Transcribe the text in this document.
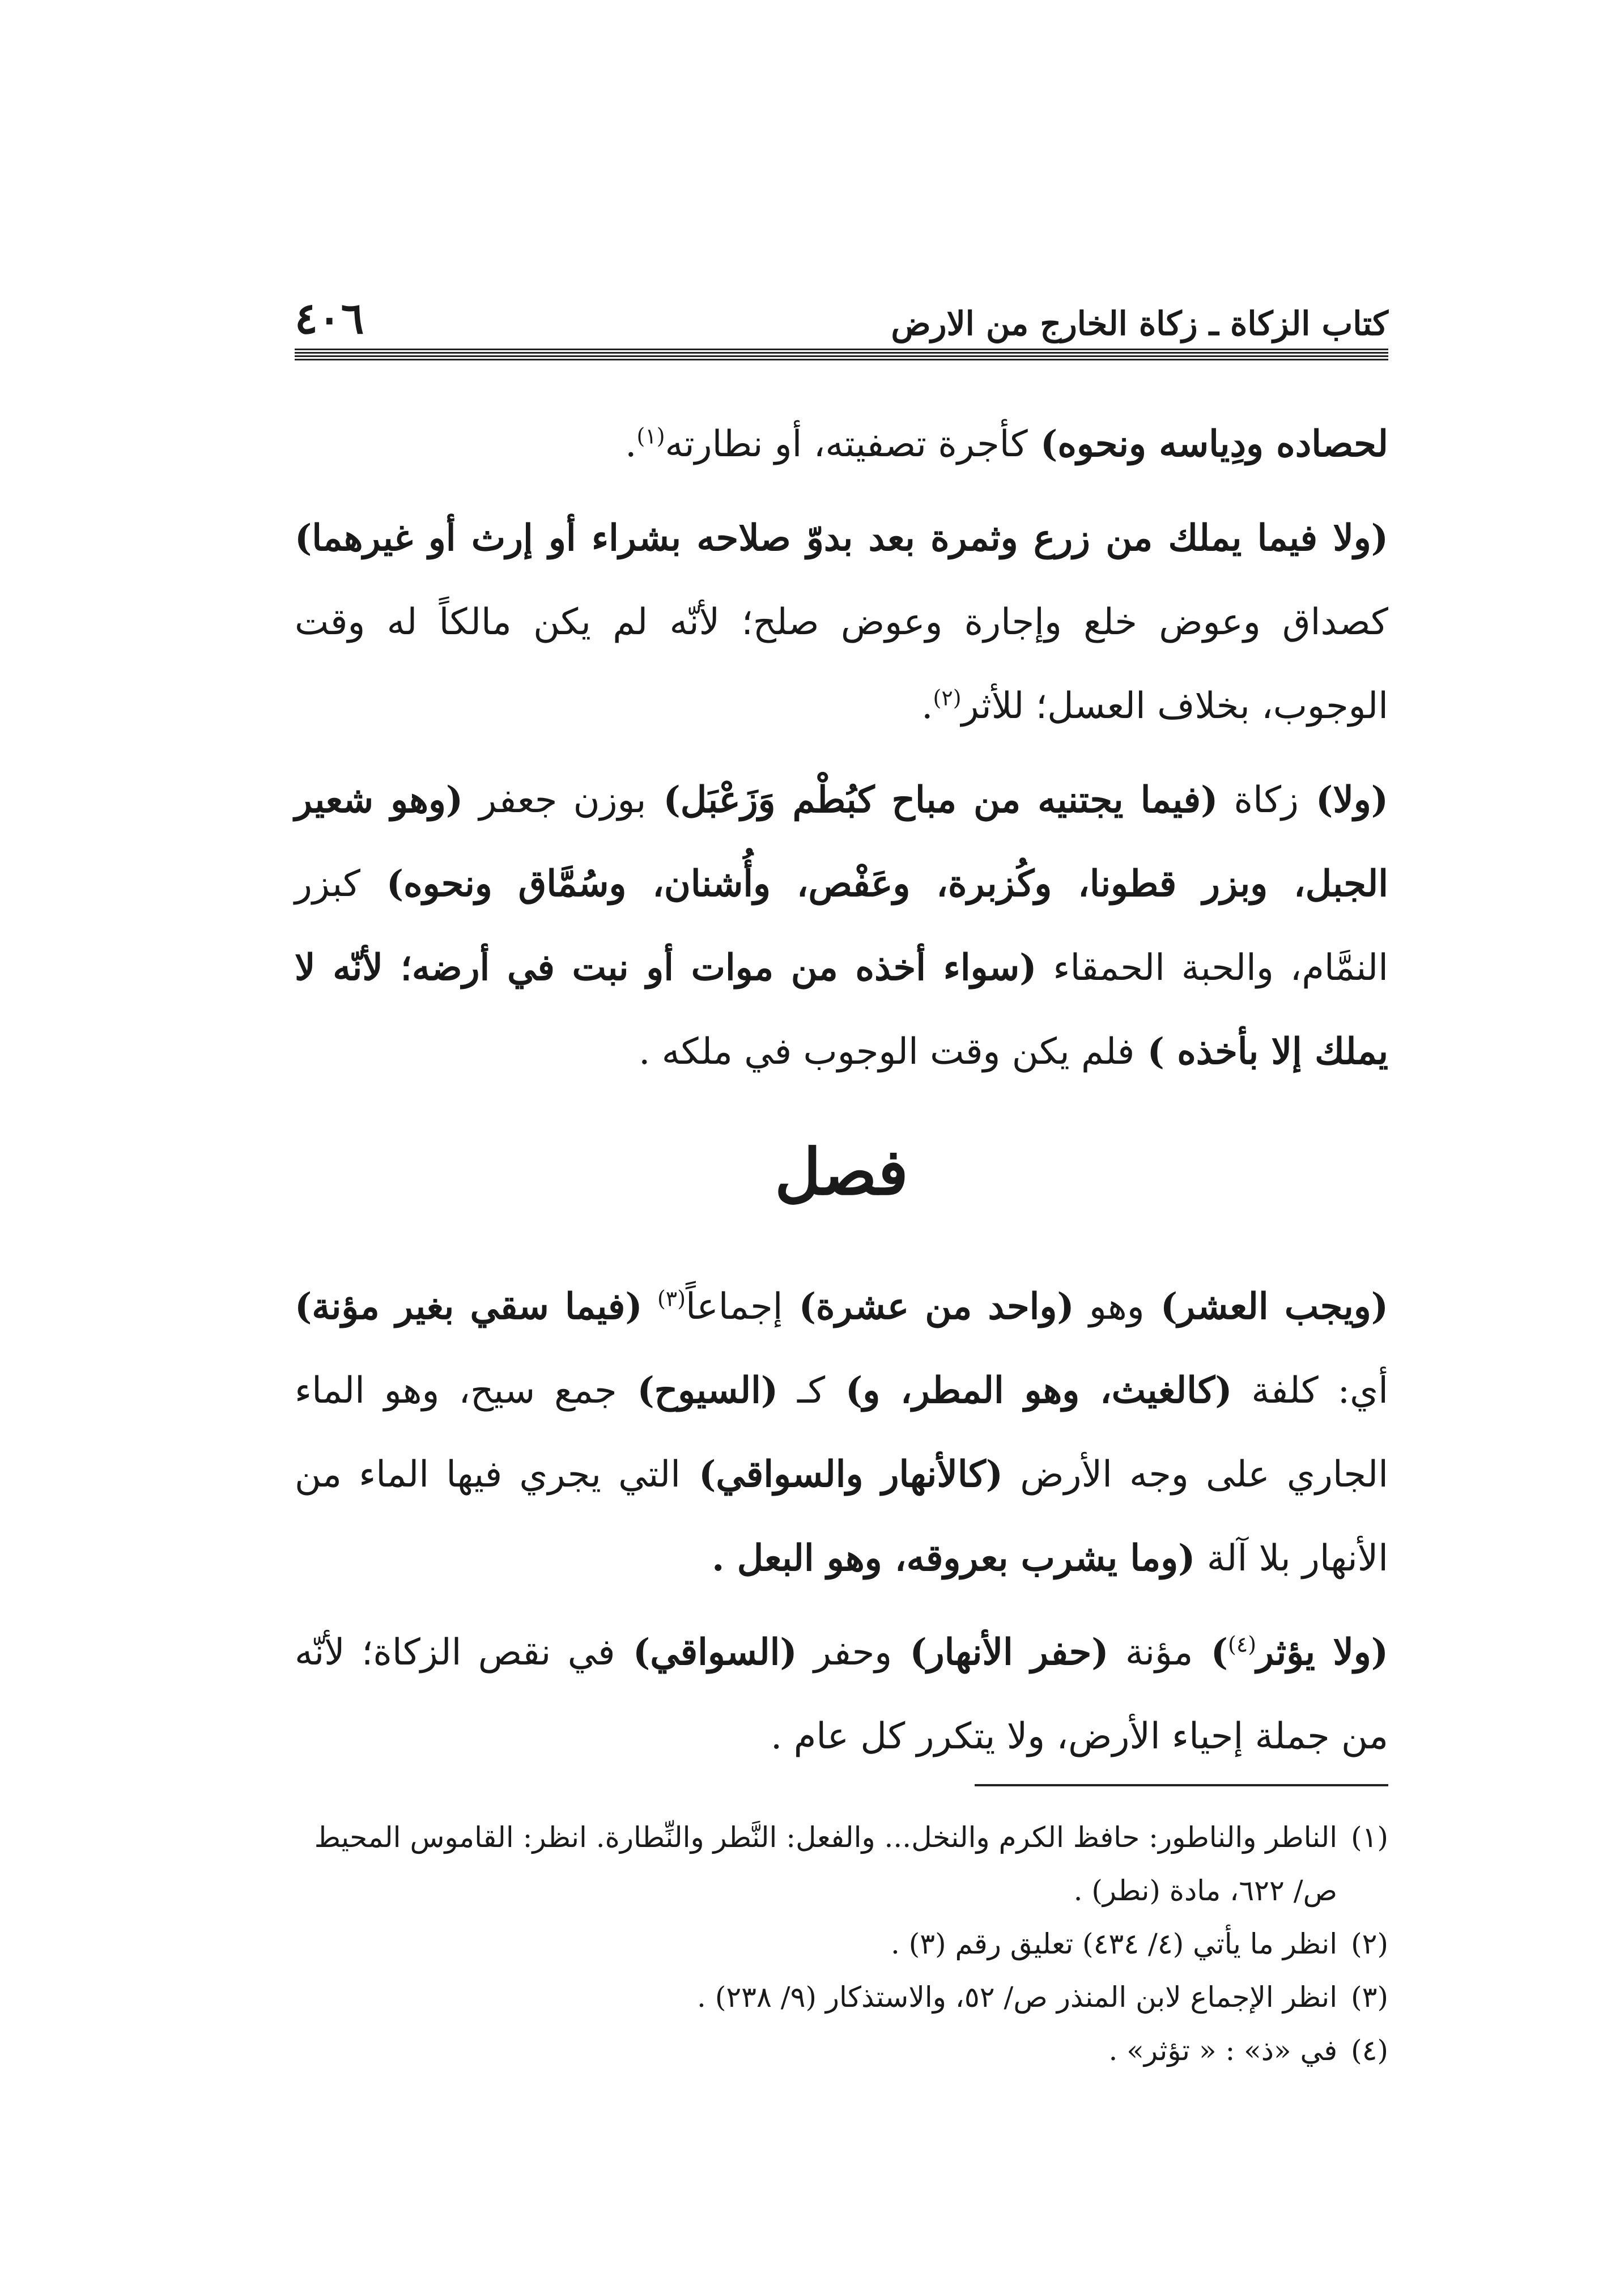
كتاب الزكاة ـ زكاة الخارج من الارض
٤٠٦

لحصاده ودِياسه ونحوه) كأجرة تصفيته، أو نطارته$^{(١)}$.

(ولا فيما يملك من زرع وثمرة بعد بدوّ صلاحه بشراء أو إرث أو غيرهما) كصداق وعوض خلع وإجارة وعوض صلح؛ لأنّه لم يكن مالكاً له وقت الوجوب، بخلاف العسل؛ للأثر$^{(٢)}$.

(ولا) زكاة (فيما يجتنيه من مباح كبُطْم وَزَعْبَل) بوزن جعفر (وهو شعير الجبل، وبزر قطونا، وكُزبرة، وعَفْص، وأُشنان، وسُمَّاق ونحوه) كبزر النمَّام، والحبة الحمقاء (سواء أخذه من موات أو نبت في أرضه؛ لأنّه لا يملك إلا بأخذه ) فلم يكن وقت الوجوب في ملكه .

فصل

(ويجب العشر) وهو (واحد من عشرة) إجماعاً$^{(٣)}$ (فيما سقي بغير مؤنة) أي: كلفة (كالغيث، وهو المطر، و) كـ (السيوح) جمع سيح، وهو الماء الجاري على وجه الأرض (كالأنهار والسواقي) التي يجري فيها الماء من الأنهار بلا آلة (وما يشرب بعروقه، وهو البعل .

(ولا يؤثر$^{(٤)}$) مؤنة (حفر الأنهار) وحفر (السواقي) في نقص الزكاة؛ لأنّه من جملة إحياء الأرض، ولا يتكرر كل عام .

(١)
الناطر والناطور: حافظ الكرم والنخل... والفعل: النَّطر والنِّطارة. انظر: القاموس المحيط ص/ ٦٢٢، مادة (نطر) .
(٢)
انظر ما يأتي (٤/ ٤٣٤) تعليق رقم (٣) .
(٣)
انظر الإجماع لابن المنذر ص/ ٥٢، والاستذكار (٩/ ٢٣٨) .
(٤)
في «ذ» : « تؤثر» .
